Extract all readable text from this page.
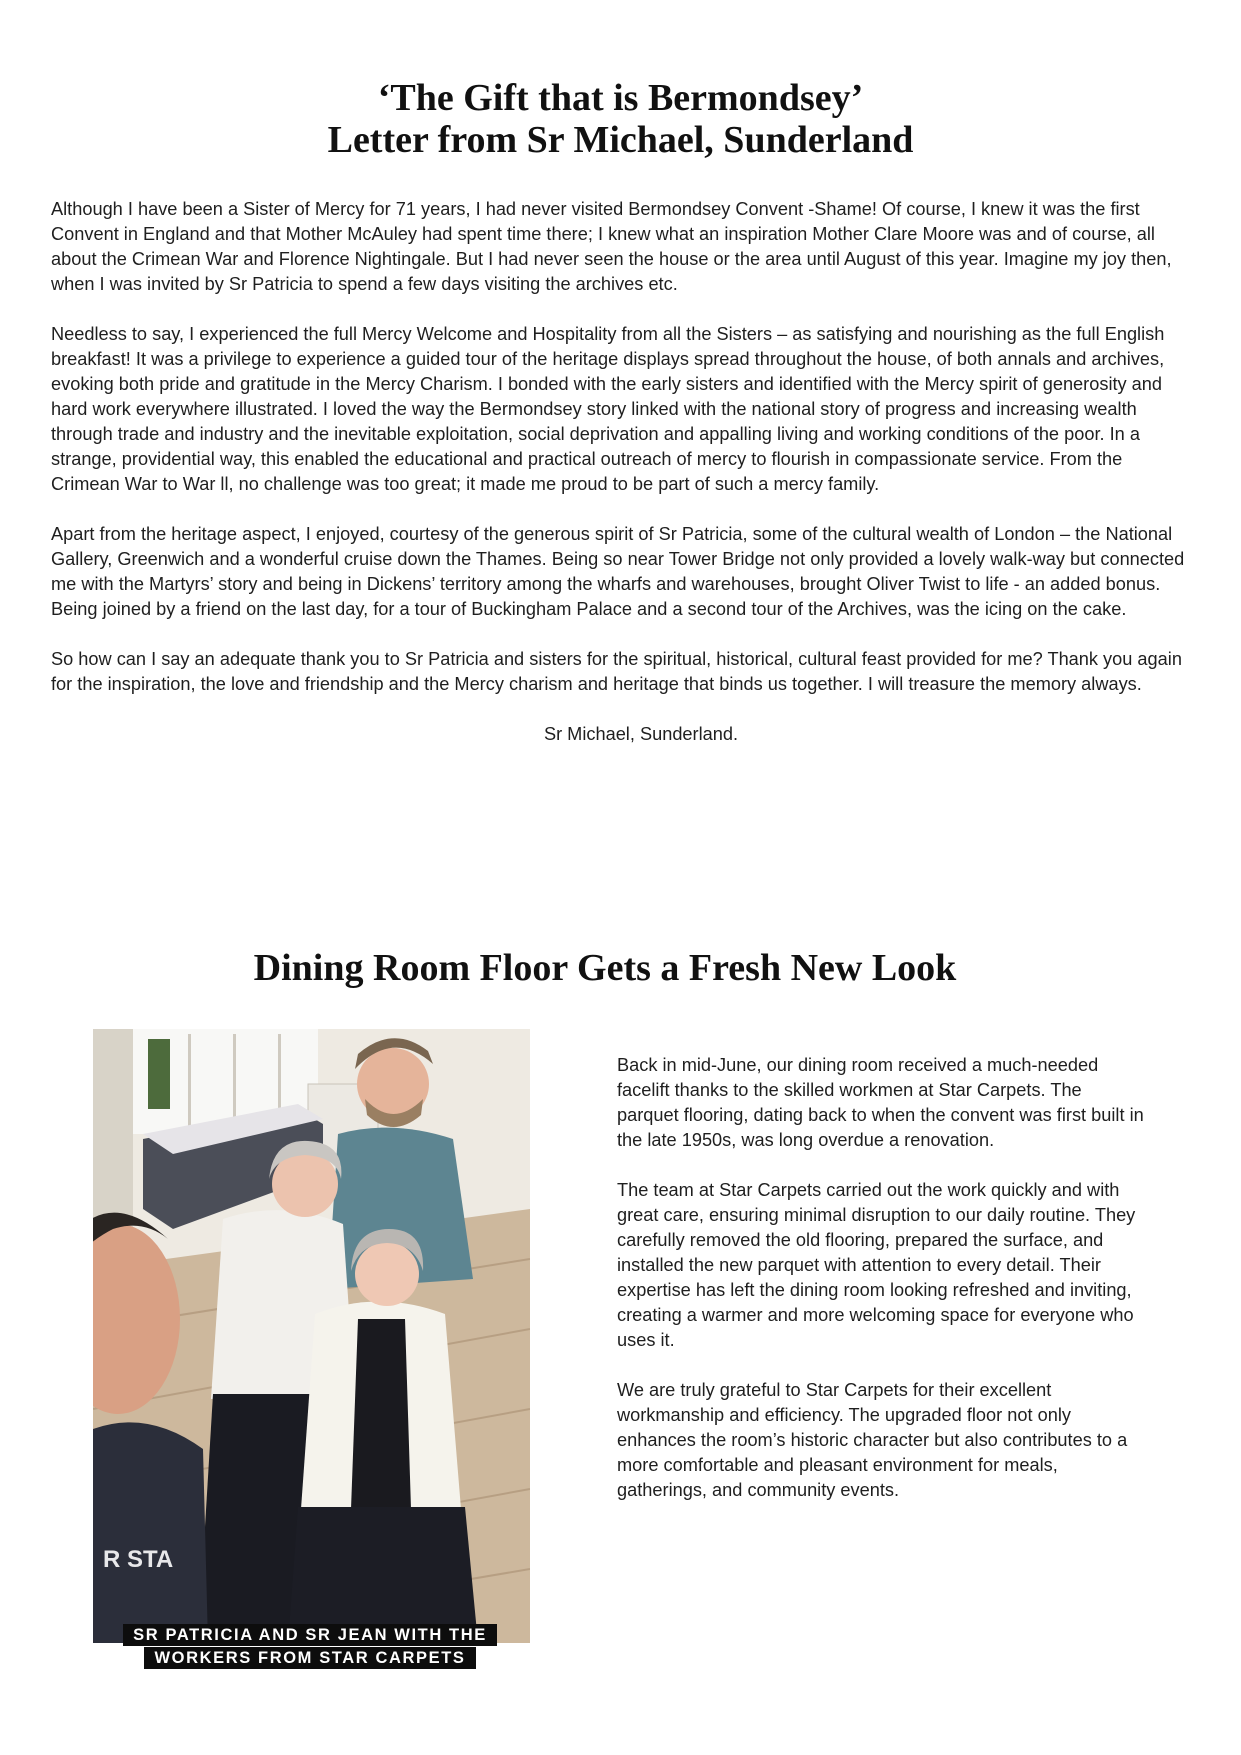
‘The Gift that is Bermondsey’
Letter from Sr Michael, Sunderland

Although I have been a Sister of Mercy for 71 years, I had never visited Bermondsey Convent -Shame! Of course, I knew it was the first Convent in England and that Mother McAuley had spent time there; I knew what an inspiration Mother Clare Moore was and of course, all about the Crimean War and Florence Nightingale. But I had never seen the house or the area until August of this year. Imagine my joy then, when I was invited by Sr Patricia to spend a few days visiting the archives etc.

Needless to say, I experienced the full Mercy Welcome and Hospitality from all the Sisters – as satisfying and nourishing as the full English breakfast! It was a privilege to experience a guided tour of the heritage displays spread throughout the house, of both annals and archives, evoking both pride and gratitude in the Mercy Charism. I bonded with the early sisters and identified with the Mercy spirit of generosity and hard work everywhere illustrated. I loved the way the Bermondsey story linked with the national story of progress and increasing wealth through trade and industry and the inevitable exploitation, social deprivation and appalling living and working conditions of the poor. In a strange, providential way, this enabled the educational and practical outreach of mercy to flourish in compassionate service. From the Crimean War to War ll, no challenge was too great; it made me proud to be part of such a mercy family.

Apart from the heritage aspect, I enjoyed, courtesy of the generous spirit of Sr Patricia, some of the cultural wealth of London – the National Gallery, Greenwich and a wonderful cruise down the Thames. Being so near Tower Bridge not only provided a lovely walk-way but connected me with the Martyrs’ story and being in Dickens’ territory among the wharfs and warehouses, brought Oliver Twist to life - an added bonus. Being joined by a friend on the last day, for a tour of Buckingham Palace and a second tour of the Archives, was the icing on the cake.

So how can I say an adequate thank you to Sr Patricia and sisters for the spiritual, historical, cultural feast provided for me? Thank you again for the inspiration, the love and friendship and the Mercy charism and heritage that binds us together. I will treasure the memory always.

Sr Michael, Sunderland.

Dining Room Floor Gets a Fresh New Look
R STA
SR PATRICIA AND SR JEAN WITH THE WORKERS FROM STAR CARPETS

Back in mid-June, our dining room received a much-needed facelift thanks to the skilled workmen at Star Carpets. The parquet flooring, dating back to when the convent was first built in the late 1950s, was long overdue a renovation.

The team at Star Carpets carried out the work quickly and with great care, ensuring minimal disruption to our daily routine. They carefully removed the old flooring, prepared the surface, and installed the new parquet with attention to every detail. Their expertise has left the dining room looking refreshed and inviting, creating a warmer and more welcoming space for everyone who uses it.

We are truly grateful to Star Carpets for their excellent workmanship and efficiency. The upgraded floor not only enhances the room’s historic character but also contributes to a more comfortable and pleasant environment for meals, gatherings, and community events.
